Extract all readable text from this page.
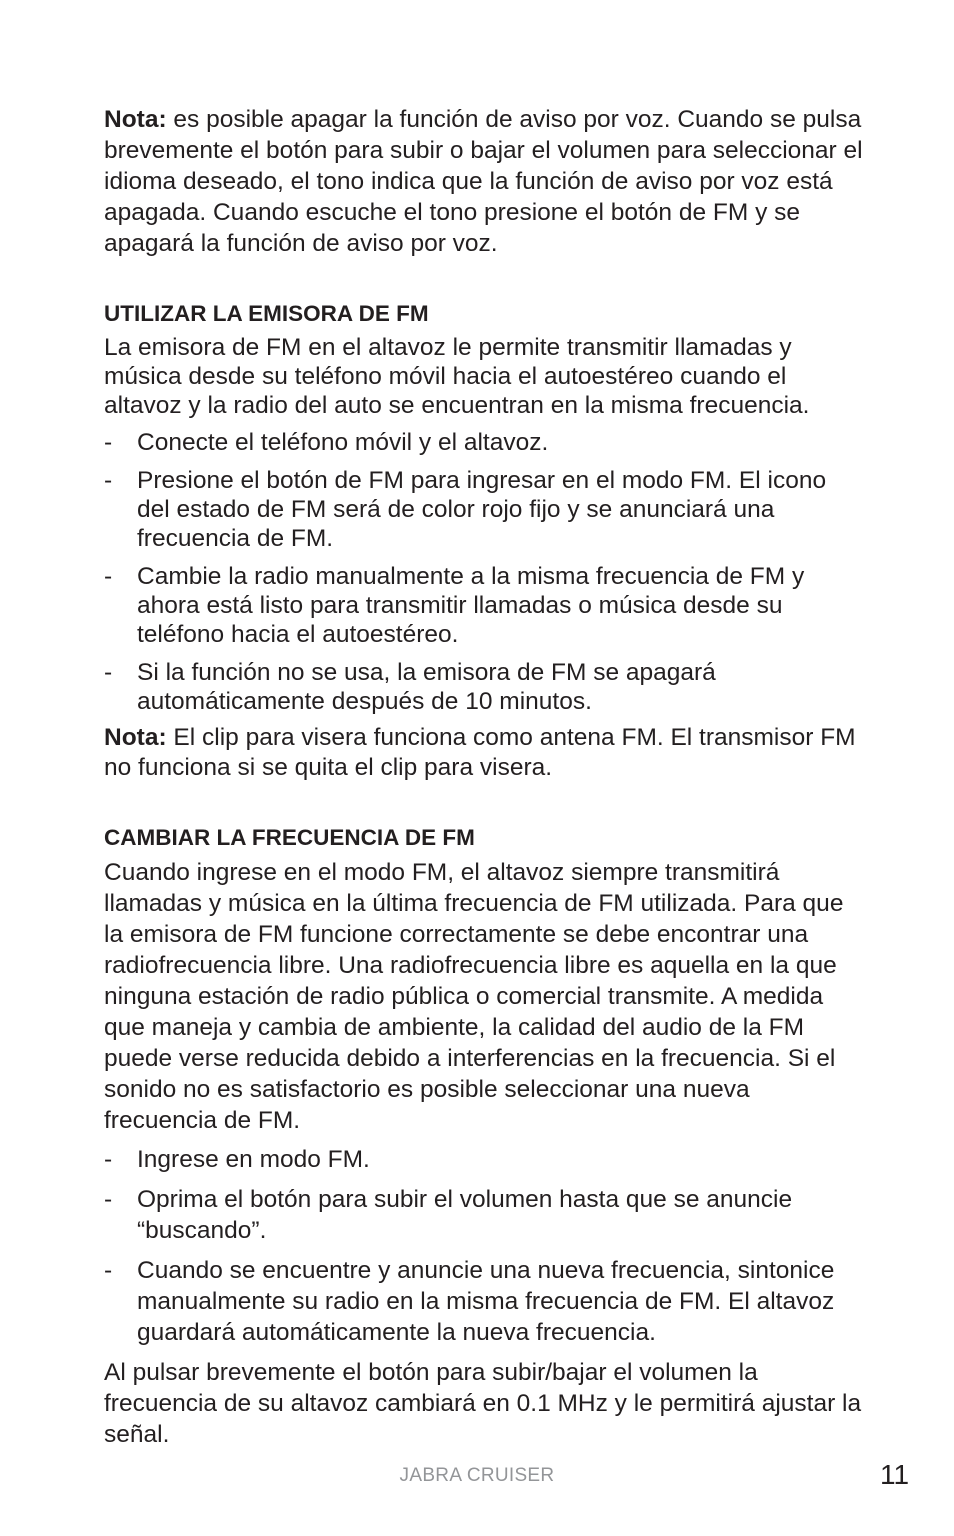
Nota: es posible apagar la función de aviso por voz. Cuando se pulsa brevemente el botón para subir o bajar el volumen para seleccionar el idioma deseado, el tono indica que la función de aviso por voz está apagada. Cuando escuche el tono presione el botón de FM y se apagará la función de aviso por voz.

UTILIZAR LA EMISORA DE FM

La emisora de FM en el altavoz le permite transmitir llamadas y música desde su teléfono móvil hacia el autoestéreo cuando el altavoz y la radio del auto se encuentran en la misma frecuencia.

- Conecte el teléfono móvil y el altavoz.
- Presione el botón de FM para ingresar en el modo FM. El icono del estado de FM será de color rojo fijo y se anunciará una frecuencia de FM.
- Cambie la radio manualmente a la misma frecuencia de FM y ahora está listo para transmitir llamadas o música desde su teléfono hacia el autoestéreo.
- Si la función no se usa, la emisora de FM se apagará automáticamente después de 10 minutos.

Nota: El clip para visera funciona como antena FM. El transmisor FM no funciona si se quita el clip para visera.

CAMBIAR LA FRECUENCIA DE FM

Cuando ingrese en el modo FM, el altavoz siempre transmitirá llamadas y música en la última frecuencia de FM utilizada. Para que la emisora de FM funcione correctamente se debe encontrar una radiofrecuencia libre. Una radiofrecuencia libre es aquella en la que ninguna estación de radio pública o comercial transmite. A medida que maneja y cambia de ambiente, la calidad del audio de la FM puede verse reducida debido a interferencias en la frecuencia. Si el sonido no es satisfactorio es posible seleccionar una nueva frecuencia de FM.

- Ingrese en modo FM.
- Oprima el botón para subir el volumen hasta que se anuncie “buscando”.
- Cuando se encuentre y anuncie una nueva frecuencia, sintonice manualmente su radio en la misma frecuencia de FM. El altavoz guardará automáticamente la nueva frecuencia.

Al pulsar brevemente el botón para subir/bajar el volumen la frecuencia de su altavoz cambiará en 0.1 MHz y le permitirá ajustar la señal.

JABRA CRUISER	11
